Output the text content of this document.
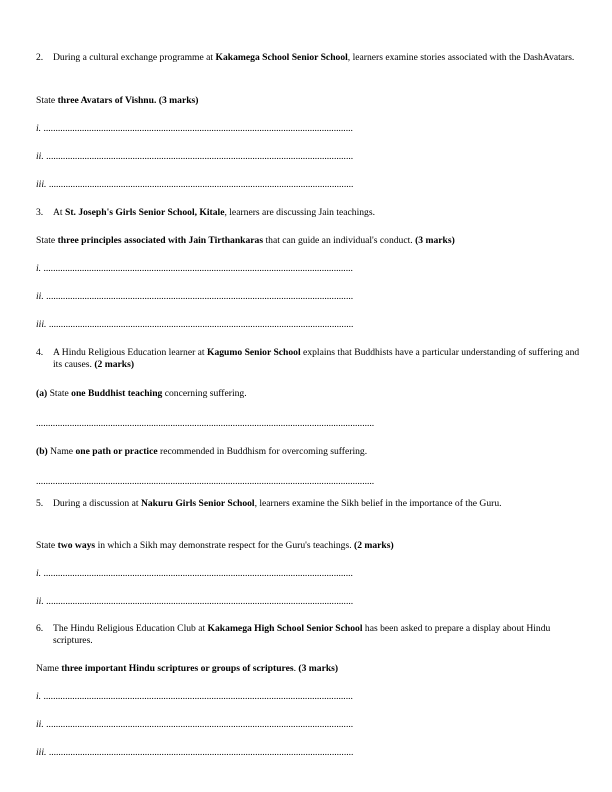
2.	During a cultural exchange programme at Kakamega School Senior School, learners examine stories associated with the DashAvatars.
State three Avatars of Vishnu. (3 marks)
i. .................................................................................................................................
ii. ................................................................................................................................
iii. ...............................................................................................................................
3.	At St. Joseph's Girls Senior School, Kitale, learners are discussing Jain teachings.
State three principles associated with Jain Tirthankaras that can guide an individual's conduct. (3 marks)
i. .................................................................................................................................
ii. ................................................................................................................................
iii. ...............................................................................................................................
4.	A Hindu Religious Education learner at Kagumo Senior School explains that Buddhists have a particular understanding of suffering and its causes. (2 marks)
(a) State one Buddhist teaching concerning suffering.
.............................................................................................................................................
(b) Name one path or practice recommended in Buddhism for overcoming suffering.
.............................................................................................................................................
5.	During a discussion at Nakuru Girls Senior School, learners examine the Sikh belief in the importance of the Guru.
State two ways in which a Sikh may demonstrate respect for the Guru's teachings. (2 marks)
i. .................................................................................................................................
ii. ................................................................................................................................
6.	The Hindu Religious Education Club at Kakamega High School Senior School has been asked to prepare a display about Hindu scriptures.
Name three important Hindu scriptures or groups of scriptures. (3 marks)
i. .................................................................................................................................
ii. ................................................................................................................................
iii. ...............................................................................................................................
